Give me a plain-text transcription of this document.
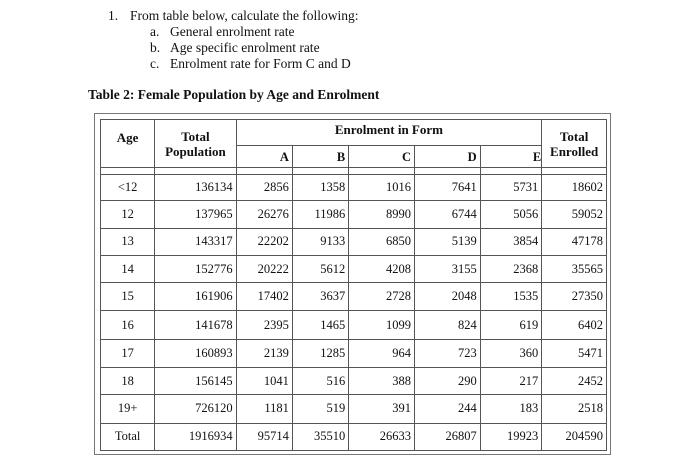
1. From table below, calculate the following:
a. General enrolment rate
b. Age specific enrolment rate
c. Enrolment rate for Form C and D
Table 2: Female Population by Age and Enrolment
Age	Total Population	Enrolment in Form					Total Enrolled
		A	B	C	D	E	

<12	136134	2856	1358	1016	7641	5731	18602
12	137965	26276	11986	8990	6744	5056	59052
13	143317	22202	9133	6850	5139	3854	47178
14	152776	20222	5612	4208	3155	2368	35565
15	161906	17402	3637	2728	2048	1535	27350
16	141678	2395	1465	1099	824	619	6402
17	160893	2139	1285	964	723	360	5471
18	156145	1041	516	388	290	217	2452
19+	726120	1181	519	391	244	183	2518
Total	1916934	95714	35510	26633	26807	19923	204590
